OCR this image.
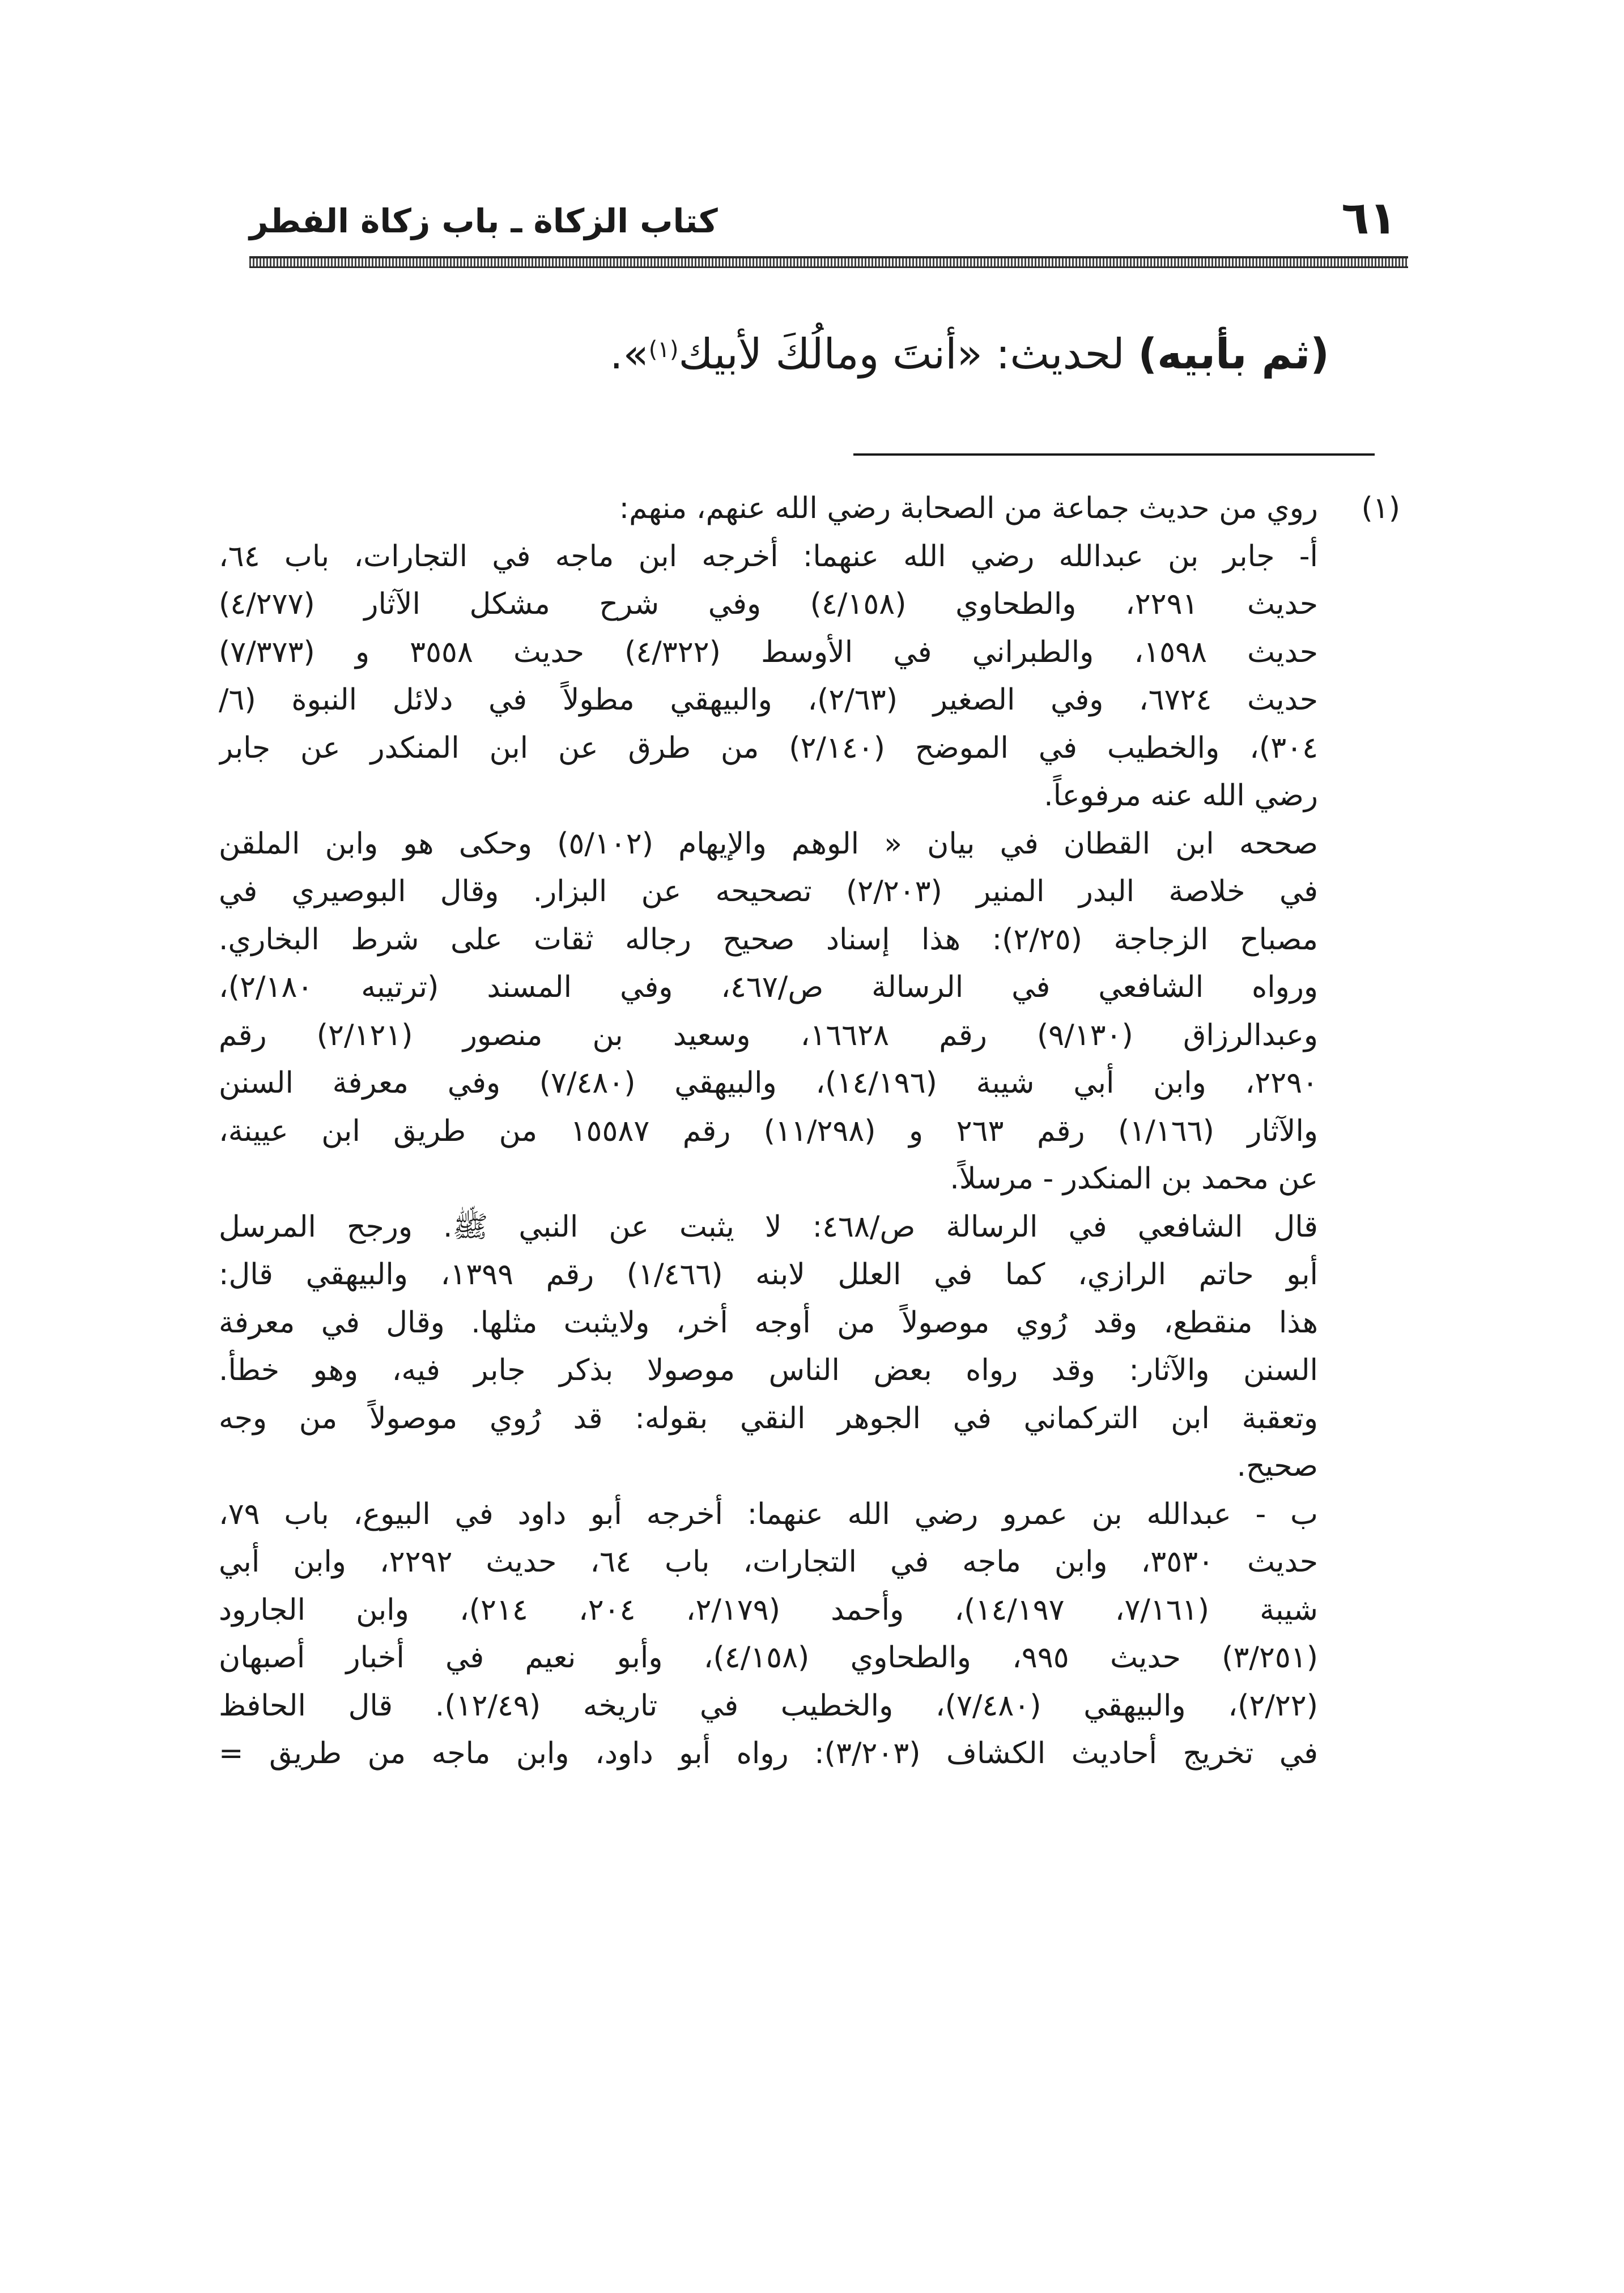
٦١
كتاب الزكاة ـ باب زكاة الفطر
(ثم بأبيه) لحديث: «أنتَ ومالُكَ لأبيك$^{(١)}$».
(١)
روي من حديث جماعة من الصحابة رضي الله عنهم، منهم:
أ- جابر بن عبدالله رضي الله عنهما: أخرجه ابن ماجه في التجارات، باب ٦٤،
حديث ٢٢٩١، والطحاوي (٤/١٥٨) وفي شرح مشكل الآثار (٤/٢٧٧)
حديث ١٥٩٨، والطبراني في الأوسط (٤/٣٢٢) حديث ٣٥٥٨ و (٧/٣٧٣)
حديث ٦٧٢٤، وفي الصغير (٢/٦٣)، والبيهقي مطولاً في دلائل النبوة (٦/
٣٠٤)، والخطيب في الموضح (٢/١٤٠) من طرق عن ابن المنكدر عن جابر
رضي الله عنه مرفوعاً.
صححه ابن القطان في بيان « الوهم والإيهام (٥/١٠٢) وحكى هو وابن الملقن
في خلاصة البدر المنير (٢/٢٠٣) تصحيحه عن البزار. وقال البوصيري في
مصباح الزجاجة (٢/٢٥): هذا إسناد صحيح رجاله ثقات على شرط البخاري.
ورواه الشافعي في الرسالة ص/٤٦٧، وفي المسند (ترتيبه ٢/١٨٠)،
وعبدالرزاق (٩/١٣٠) رقم ١٦٦٢٨، وسعيد بن منصور (٢/١٢١) رقم
٢٢٩٠، وابن أبي شيبة (١٤/١٩٦)، والبيهقي (٧/٤٨٠) وفي معرفة السنن
والآثار (١/١٦٦) رقم ٢٦٣ و (١١/٢٩٨) رقم ١٥٥٨٧ من طريق ابن عيينة،
عن محمد بن المنكدر - مرسلاً.
قال الشافعي في الرسالة ص/٤٦٨: لا يثبت عن النبي ﷺ. ورجح المرسل
أبو حاتم الرازي، كما في العلل لابنه (١/٤٦٦) رقم ١٣٩٩، والبيهقي قال:
هذا منقطع، وقد رُوي موصولاً من أوجه أخر، ولايثبت مثلها. وقال في معرفة
السنن والآثار: وقد رواه بعض الناس موصولا بذكر جابر فيه، وهو خطأ.
وتعقبة ابن التركماني في الجوهر النقي بقوله: قد رُوي موصولاً من وجه
صحيح.
ب - عبدالله بن عمرو رضي الله عنهما: أخرجه أبو داود في البيوع، باب ٧٩،
حديث ٣٥٣٠، وابن ماجه في التجارات، باب ٦٤، حديث ٢٢٩٢، وابن أبي
شيبة (٧/١٦١، ١٤/١٩٧)، وأحمد (٢/١٧٩، ٢٠٤، ٢١٤)، وابن الجارود
(٣/٢٥١) حديث ٩٩٥، والطحاوي (٤/١٥٨)، وأبو نعيم في أخبار أصبهان
(٢/٢٢)، والبيهقي (٧/٤٨٠)، والخطيب في تاريخه (١٢/٤٩). قال الحافظ
في تخريج أحاديث الكشاف (٣/٢٠٣): رواه أبو داود، وابن ماجه من طريق =
